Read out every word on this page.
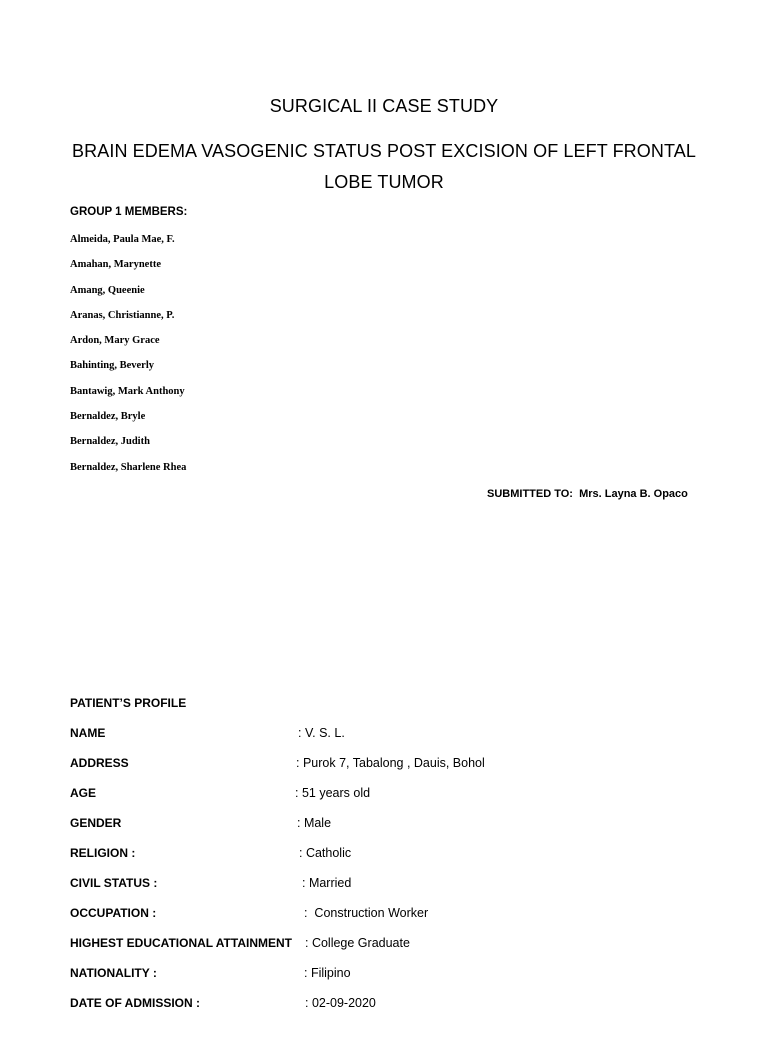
SURGICAL II CASE STUDY
BRAIN EDEMA VASOGENIC STATUS POST EXCISION OF LEFT FRONTAL
LOBE TUMOR
GROUP 1 MEMBERS:
Almeida, Paula Mae, F.
Amahan, Marynette
Amang, Queenie
Aranas, Christianne, P.
Ardon, Mary Grace
Bahinting, Beverly
Bantawig, Mark Anthony
Bernaldez, Bryle
Bernaldez, Judith
Bernaldez, Sharlene Rhea
SUBMITTED TO:  Mrs. Layna B. Opaco
PATIENT’S PROFILE

NAME

	: V. S. L.

ADDRESS

	: Purok 7, Tabalong , Dauis, Bohol

AGE

	: 51 years old

GENDER

	: Male

RELIGION :

	: Catholic

CIVIL STATUS :

	: Married

OCCUPATION :

	:  Construction Worker

HIGHEST EDUCATIONAL ATTAINMENT

: College Graduate

NATIONALITY :

	: Filipino

DATE OF ADMISSION :

	: 02-09-2020
